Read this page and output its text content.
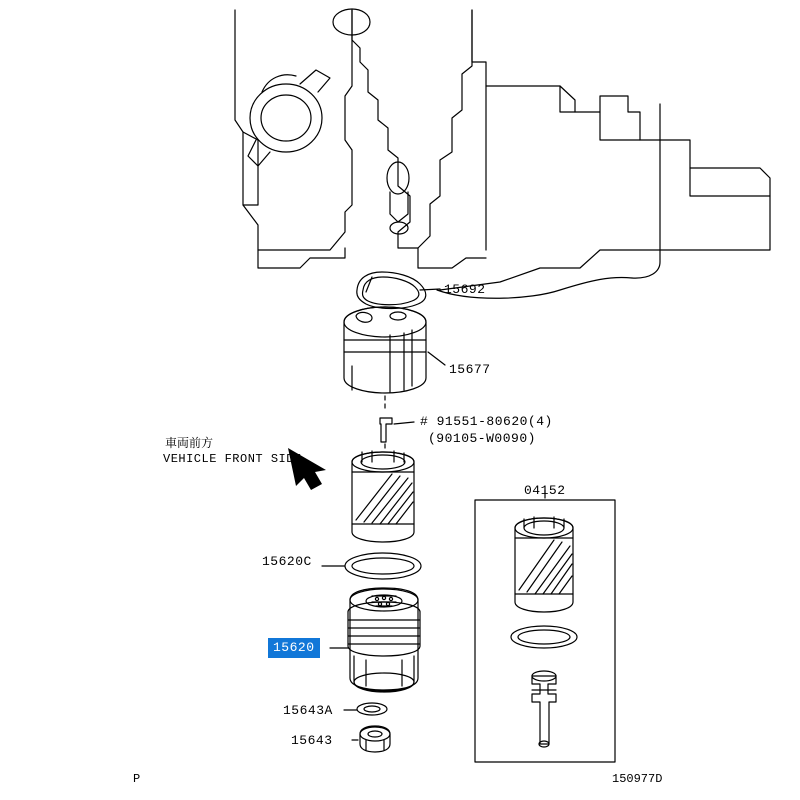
車両前方
VEHICLE FRONT SIDE
15692
15677
# 91551-80620(4)
(90105-W0090)
15620C
15620
15643A
15643
04152
P	150977D
